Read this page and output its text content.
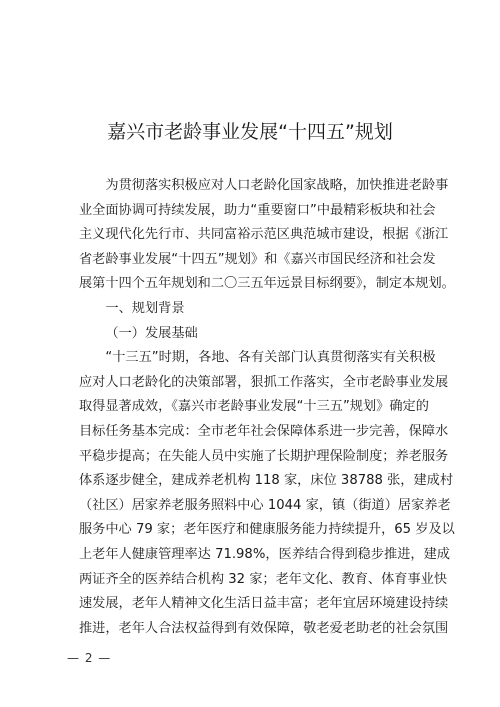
嘉兴市老龄事业发展“十四五”规划

为贯彻落实积极应对人口老龄化国家战略，加快推进老龄事
业全面协调可持续发展，助力“重要窗口”中最精彩板块和社会
主义现代化先行市、共同富裕示范区典范城市建设，根据《浙江
省老龄事业发展“十四五”规划》和《嘉兴市国民经济和社会发
展第十四个五年规划和二〇三五年远景目标纲要》，制定本规划。

一、规划背景

（一）发展基础

“十三五”时期，各地、各有关部门认真贯彻落实有关积极
应对人口老龄化的决策部署，狠抓工作落实，全市老龄事业发展
取得显著成效，《嘉兴市老龄事业发展“十三五”规划》确定的
目标任务基本完成：全市老年社会保障体系进一步完善，保障水
平稳步提高；在失能人员中实施了长期护理保险制度；养老服务
体系逐步健全，建成养老机构 118 家，床位 38788 张，建成村
（社区）居家养老服务照料中心 1044 家，镇（街道）居家养老
服务中心 79 家；老年医疗和健康服务能力持续提升，65 岁及以
上老年人健康管理率达 71.98%，医养结合得到稳步推进，建成
两证齐全的医养结合机构 32 家；老年文化、教育、体育事业快
速发展，老年人精神文化生活日益丰富；老年宜居环境建设持续
推进，老年人合法权益得到有效保障，敬老爱老助老的社会氛围

— 2 —
